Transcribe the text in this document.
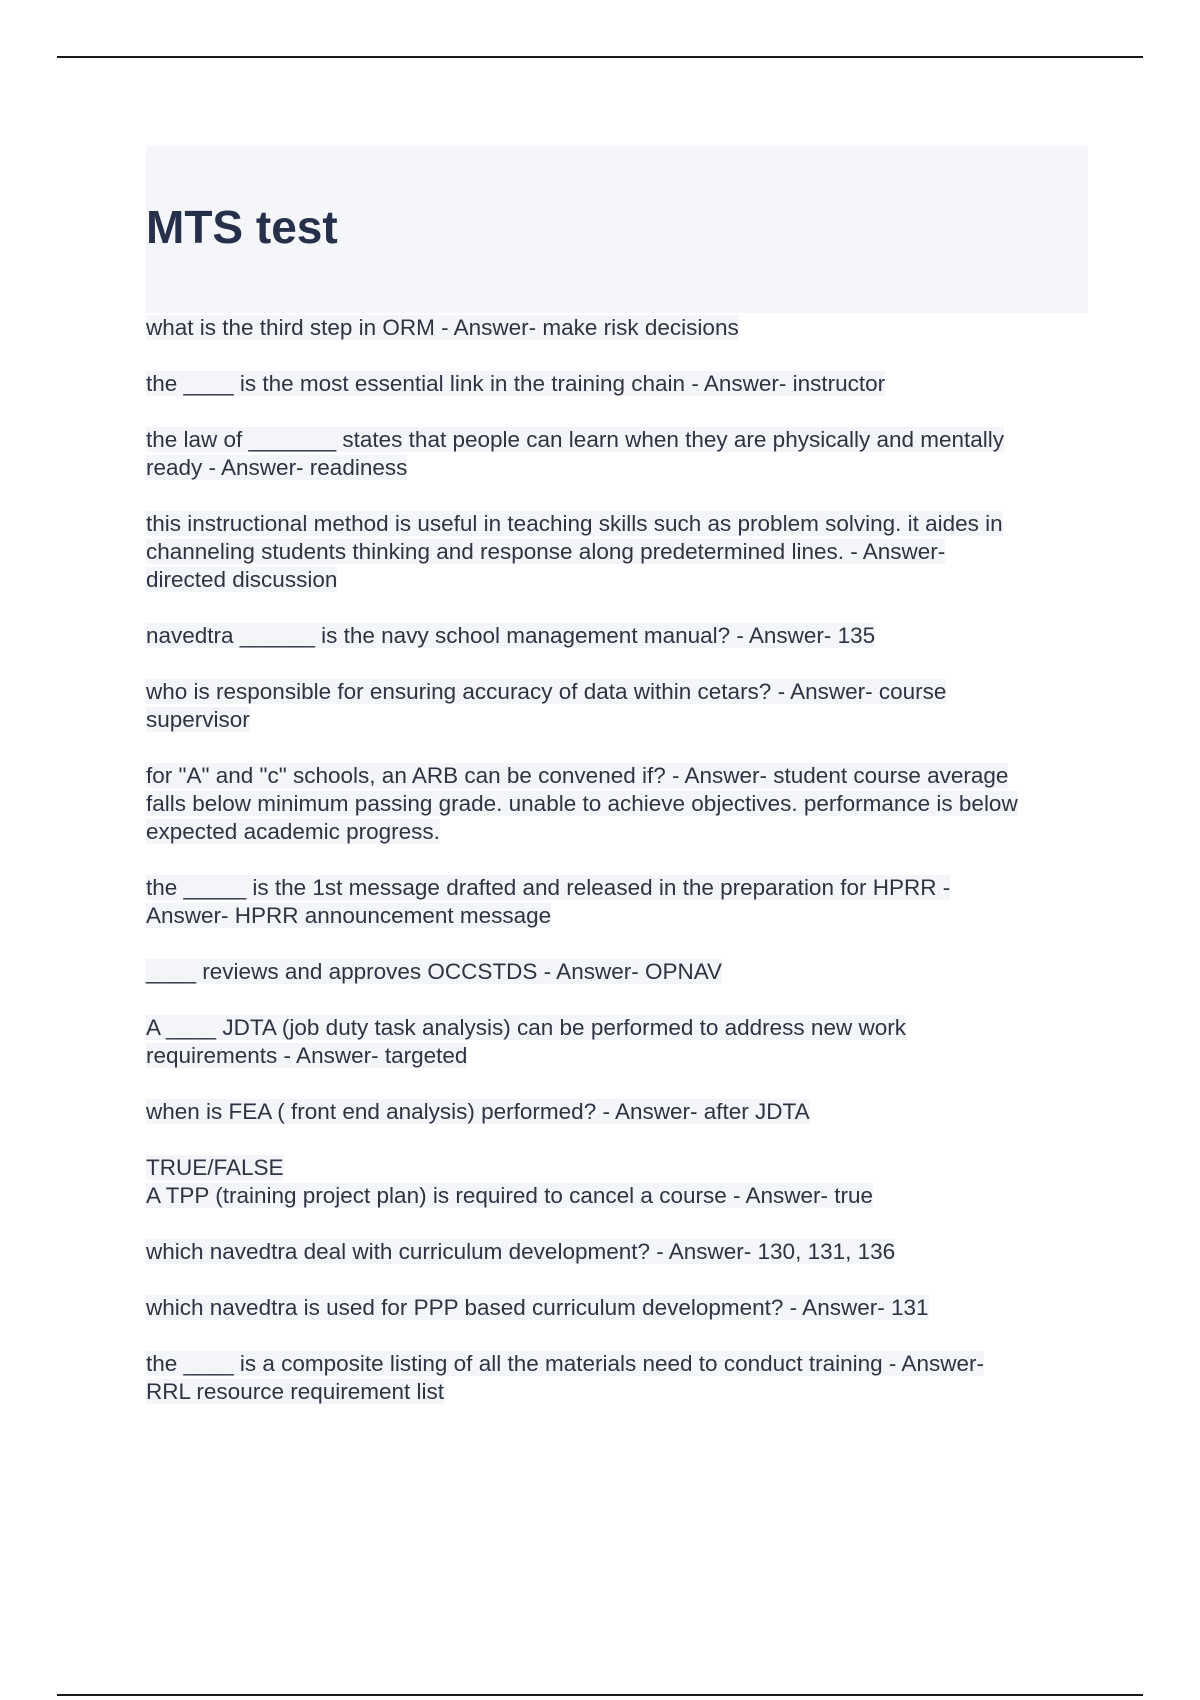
MTS test
what is the third step in ORM - Answer- make risk decisions
the ____ is the most essential link in the training chain - Answer- instructor
the law of _______ states that people can learn when they are physically and mentally
ready - Answer- readiness
this instructional method is useful in teaching skills such as problem solving. it aides in
channeling students thinking and response along predetermined lines. - Answer-
directed discussion
navedtra ______ is the navy school management manual? - Answer- 135
who is responsible for ensuring accuracy of data within cetars? - Answer- course
supervisor
for "A" and "c" schools, an ARB can be convened if? - Answer- student course average
falls below minimum passing grade. unable to achieve objectives. performance is below
expected academic progress.
the _____ is the 1st message drafted and released in the preparation for HPRR -
Answer- HPRR announcement message
____ reviews and approves OCCSTDS - Answer- OPNAV
A ____ JDTA (job duty task analysis) can be performed to address new work
requirements - Answer- targeted
when is FEA ( front end analysis) performed? - Answer- after JDTA
TRUE/FALSE
A TPP (training project plan) is required to cancel a course - Answer- true
which navedtra deal with curriculum development? - Answer- 130, 131, 136
which navedtra is used for PPP based curriculum development? - Answer- 131
the ____ is a composite listing of all the materials need to conduct training - Answer-
RRL resource requirement list
